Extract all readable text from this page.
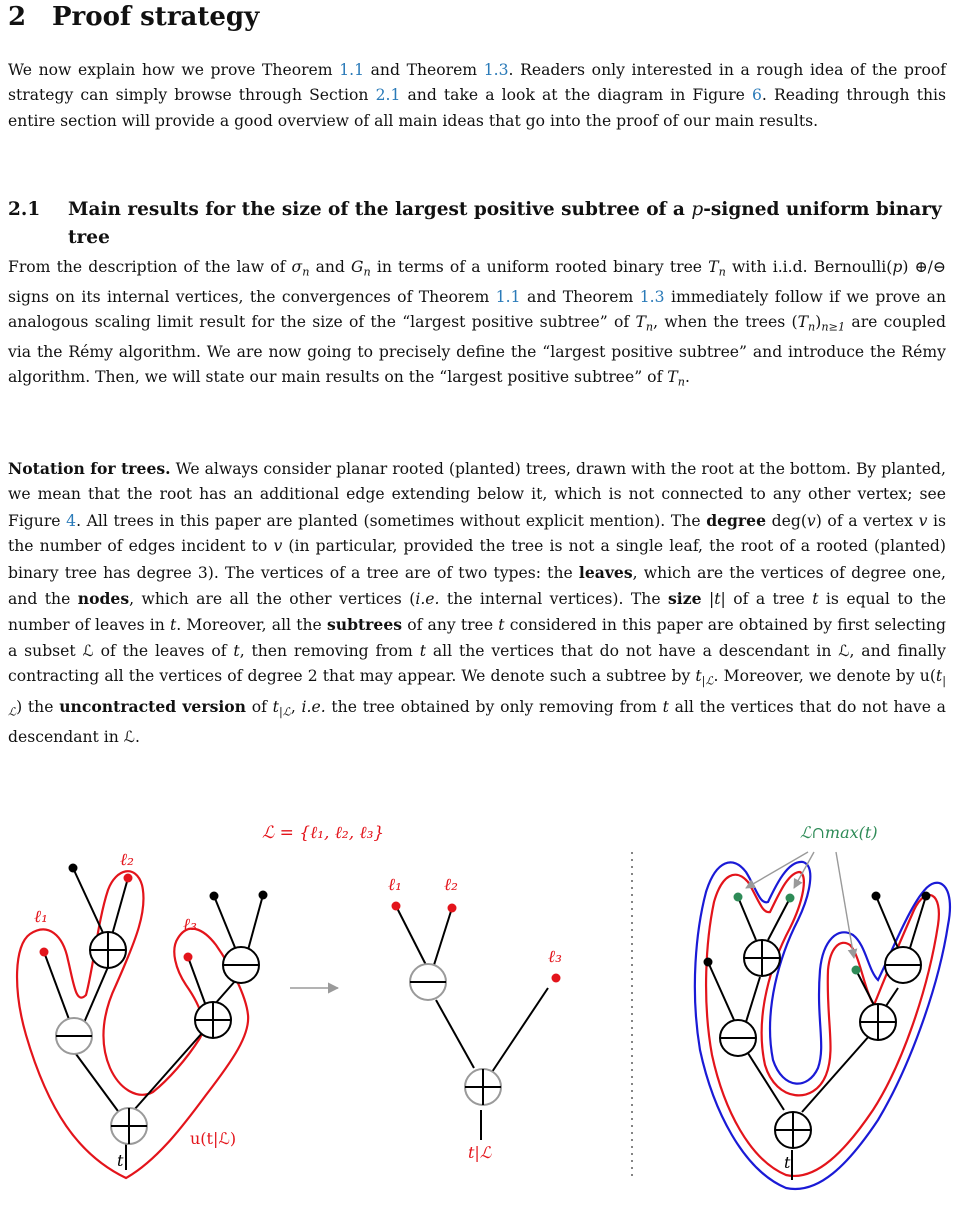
2 Proof strategy

We now explain how we prove Theorem 1.1 and Theorem 1.3. Readers only interested in a rough idea of the proof strategy can simply browse through Section 2.1 and take a look at the diagram in Figure 6. Reading through this entire section will provide a good overview of all main ideas that go into the proof of our main results.

2.1	Main results for the size of the largest positive subtree of a p-signed uniform binary tree

From the description of the law of $\sigma_n$ and $G_n$ in terms of a uniform rooted binary tree $T_n$ with i.i.d. Bernoulli(p) ⊕/⊖ signs on its internal vertices, the convergences of Theorem 1.1 and Theorem 1.3 immediately follow if we prove an analogous scaling limit result for the size of the “largest positive subtree” of $T_n$, when the trees $(T_n)_{n\ge 1}$ are coupled via the Rémy algorithm. We are now going to precisely define the “largest positive subtree” and introduce the Rémy algorithm. Then, we will state our main results on the “largest positive subtree” of $T_n$.

Notation for trees. We always consider planar rooted (planted) trees, drawn with the root at the bottom. By planted, we mean that the root has an additional edge extending below it, which is not connected to any other vertex; see Figure 4. All trees in this paper are planted (sometimes without explicit mention). The degree deg(v) of a vertex v is the number of edges incident to v (in particular, provided the tree is not a single leaf, the root of a rooted (planted) binary tree has degree 3). The vertices of a tree are of two types: the leaves, which are the vertices of degree one, and the nodes, which are all the other vertices (i.e. the internal vertices). The size |t| of a tree t is equal to the number of leaves in t. Moreover, all the subtrees of any tree t considered in this paper are obtained by first selecting a subset ℒ of the leaves of t, then removing from t all the vertices that do not have a descendant in ℒ, and finally contracting all the vertices of degree 2 that may appear. We denote such a subtree by $t_{|ℒ}$. Moreover, we denote by $u(t_{|ℒ})$ the uncontracted version of $t_{|ℒ}$, i.e. the tree obtained by only removing from t all the vertices that do not have a descendant in ℒ.

ℓ₁
ℓ₂
ℓ₃
u(t|ℒ)
t
ℒ = {ℓ₁, ℓ₂, ℓ₃}
ℓ₁ ℓ₂
ℓ₃
t|ℒ
ℒ∩max(t)
t
